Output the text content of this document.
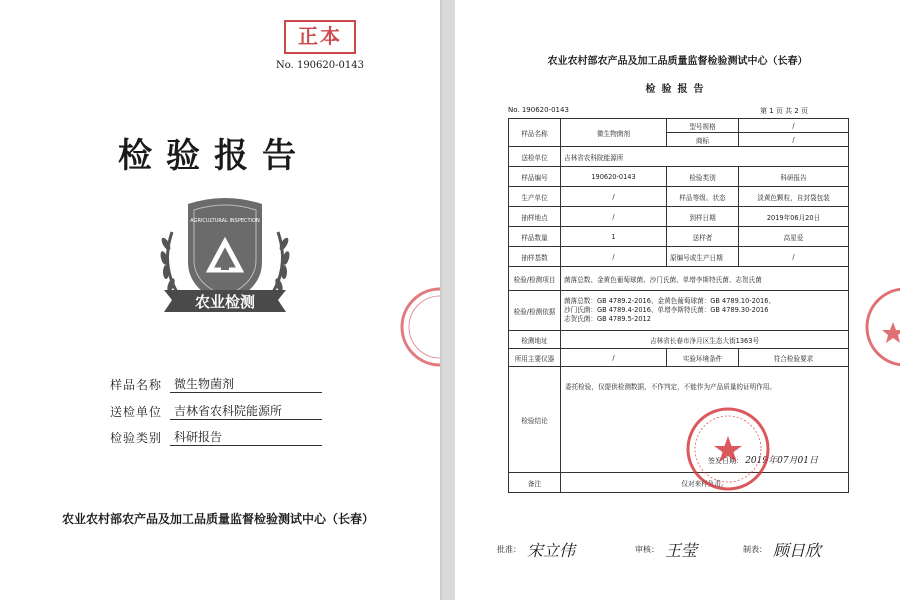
正本
No. 190620-0143
检验报告
农业检测
AGRICULTURAL INSPECTION
样品名称 微生物菌剂
送检单位 吉林省农科院能源所
检验类别 科研报告
农业农村部农产品及加工品质量监督检验测试中心（长春）
农业农村部农产品及加工品质量监督检验测试中心（长春）
检验报告
No. 190620-0143	第 1 页 共 2 页
样品名称	微生物菌剂	型号规格	/
		商标	/
送检单位	吉林省农科院能源所		
样品编号	190620-0143	检验类别	科研报告
生产单位	/	样品等级、状态	淡黄色颗粒，自封袋包装
抽样地点	/	到样日期	2019年06月20日
样品数量	1	送样者	高星爱
抽样基数	/	原编号或生产日期	/
检验/检测项目	菌落总数、金黄色葡萄球菌、沙门氏菌、单增李斯特氏菌、志贺氏菌		
检验/检测依据	菌落总数：GB 4789.2-2016、金黄色葡萄球菌：GB 4789.10-2016、
沙门氏菌：GB 4789.4-2016、单增李斯特氏菌：GB 4789.30-2016
志贺氏菌：GB 4789.5-2012		

检测地址	吉林省长春市净月区生态大街1363号		
所用主要仪器	/	实验环境条件	符合检验要求
检验结论	委托检验，仅提供检测数据，不作判定，不能作为产品质量的证明作用。
签发日期： 2019年07月01日		

备注	仅对来样负责。		
批准： 宋立伟	审核： 王莹	制表： 顾日欣
